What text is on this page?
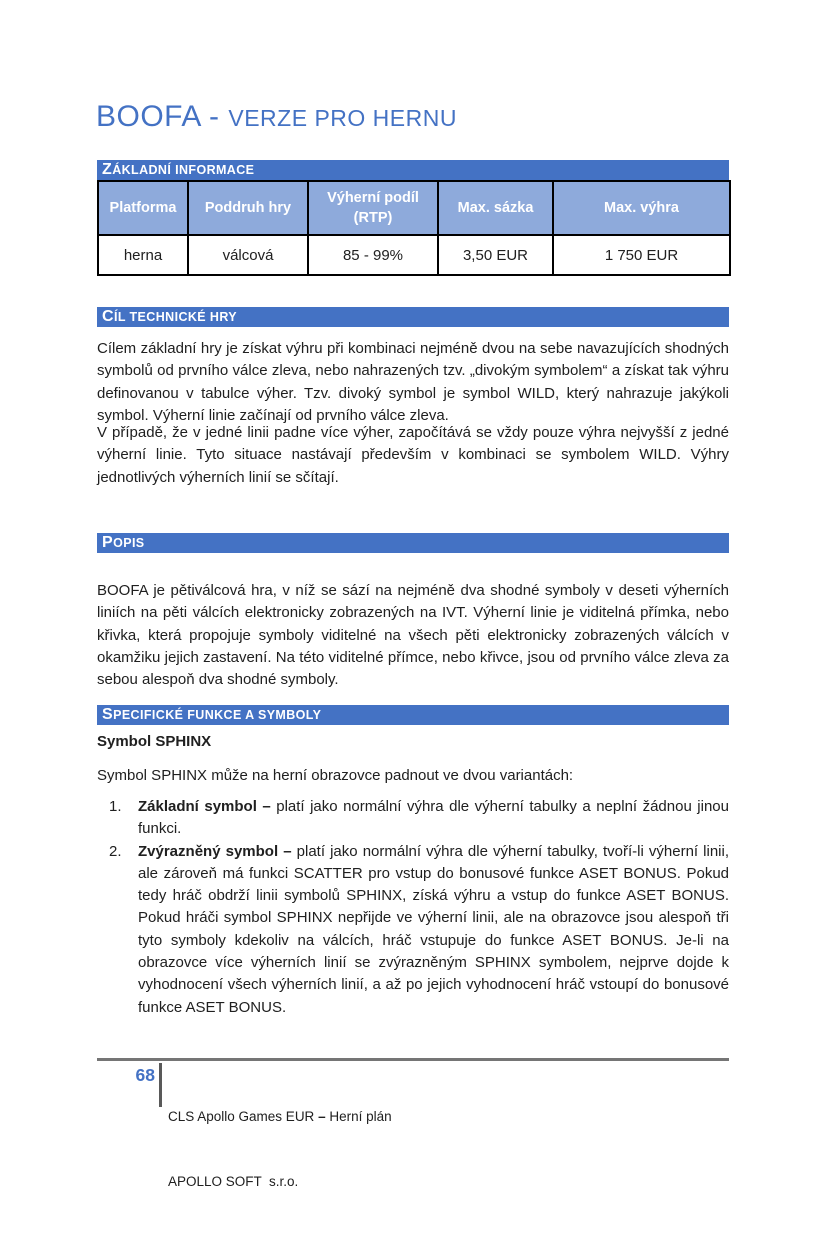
BOOFA - VERZE PRO HERNU
ZÁKLADNÍ INFORMACE
Platforma	Poddruh hry	Výherní podíl (RTP)	Max. sázka	Max. výhra
herna	válcová	85 - 99%	3,50 EUR	1 750 EUR
CÍL TECHNICKÉ HRY

Cílem základní hry je získat výhru při kombinaci nejméně dvou na sebe navazujících shodných symbolů od prvního válce zleva, nebo nahrazených tzv. „divokým symbolem“ a získat tak výhru definovanou v tabulce výher. Tzv. divoký symbol je symbol WILD, který nahrazuje jakýkoli symbol. Výherní linie začínají od prvního válce zleva.

V případě, že v jedné linii padne více výher, započítává se vždy pouze výhra nejvyšší z jedné výherní linie. Tyto situace nastávají především v kombinaci se symbolem WILD. Výhry jednotlivých výherních linií se sčítají.

POPIS

BOOFA je pětiválcová hra, v níž se sází na nejméně dva shodné symboly v deseti výherních liniích na pěti válcích elektronicky zobrazených na IVT. Výherní linie je viditelná přímka, nebo křivka, která propojuje symboly viditelné na všech pěti elektronicky zobrazených válcích v okamžiku jejich zastavení. Na této viditelné přímce, nebo křivce, jsou od prvního válce zleva za sebou alespoň dva shodné symboly.

SPECIFICKÉ FUNKCE A SYMBOLY
Symbol SPHINX

Symbol SPHINX může na herní obrazovce padnout ve dvou variantách:

1. Základní symbol – platí jako normální výhra dle výherní tabulky a neplní žádnou jinou funkci.
2. Zvýrazněný symbol – platí jako normální výhra dle výherní tabulky, tvoří-li výherní linii, ale zároveň má funkci SCATTER pro vstup do bonusové funkce ASET BONUS. Pokud tedy hráč obdrží linii symbolů SPHINX, získá výhru a vstup do funkce ASET BONUS. Pokud hráči symbol SPHINX nepřijde ve výherní linii, ale na obrazovce jsou alespoň tři tyto symboly kdekoliv na válcích, hráč vstupuje do funkce ASET BONUS. Je-li na obrazovce více výherních linií se zvýrazněným SPHINX symbolem, nejprve dojde k vyhodnocení všech výherních linií, a až po jejich vyhodnocení hráč vstoupí do bonusové funkce ASET BONUS.
68

CLS Apollo Games EUR – Herní plán

APOLLO SOFT  s.r.o.
